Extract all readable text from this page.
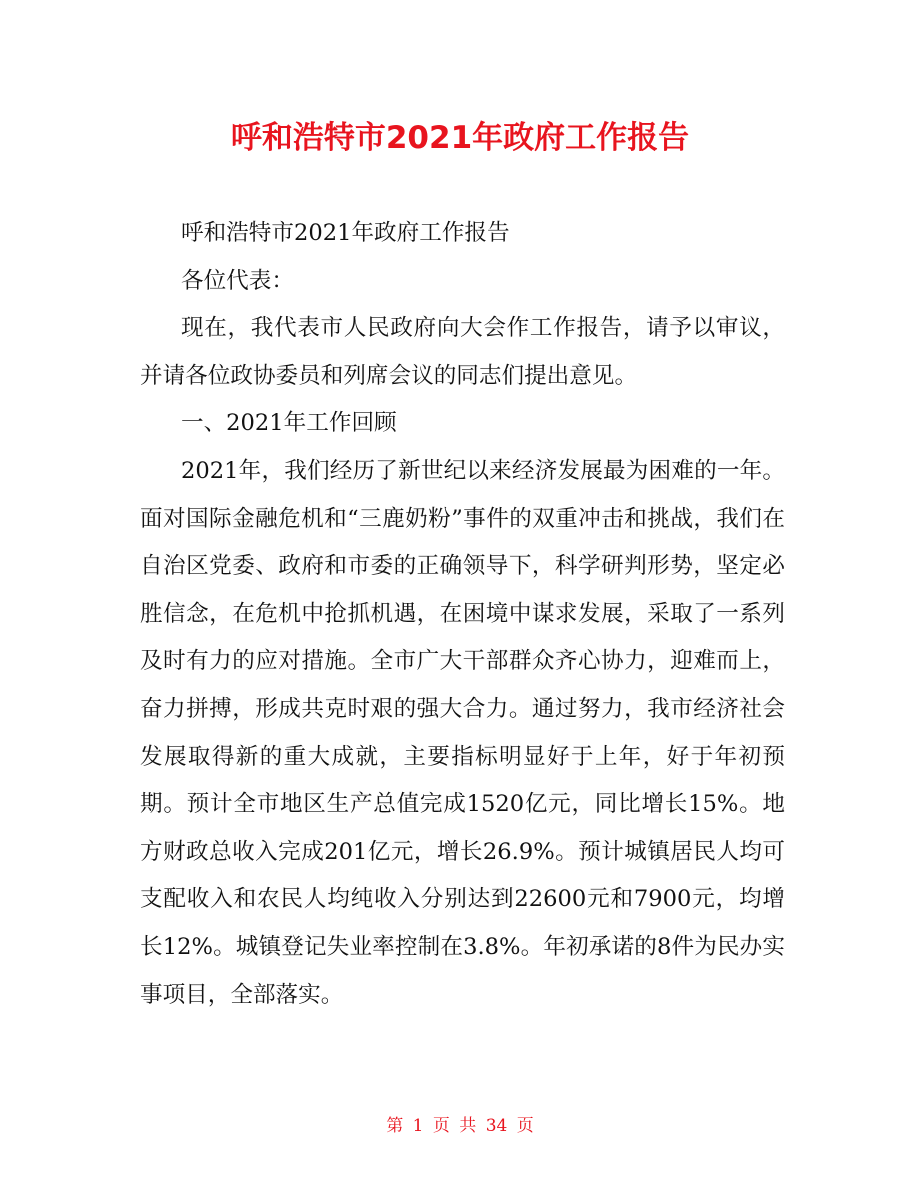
呼和浩特市2021年政府工作报告

呼和浩特市2021年政府工作报告

各位代表：

现在，我代表市人民政府向大会作工作报告，请予以审议，并请各位政协委员和列席会议的同志们提出意见。

一、2021年工作回顾

2021年，我们经历了新世纪以来经济发展最为困难的一年。面对国际金融危机和“三鹿奶粉”事件的双重冲击和挑战，我们在自治区党委、政府和市委的正确领导下，科学研判形势，坚定必胜信念，在危机中抢抓机遇，在困境中谋求发展，采取了一系列及时有力的应对措施。全市广大干部群众齐心协力，迎难而上，奋力拼搏，形成共克时艰的强大合力。通过努力，我市经济社会发展取得新的重大成就，主要指标明显好于上年，好于年初预期。预计全市地区生产总值完成1520亿元，同比增长15%。地方财政总收入完成201亿元，增长26.9%。预计城镇居民人均可支配收入和农民人均纯收入分别达到22600元和7900元，均增长12%。城镇登记失业率控制在3.8%。年初承诺的8件为民办实事项目，全部落实。

第 1 页 共 34 页
